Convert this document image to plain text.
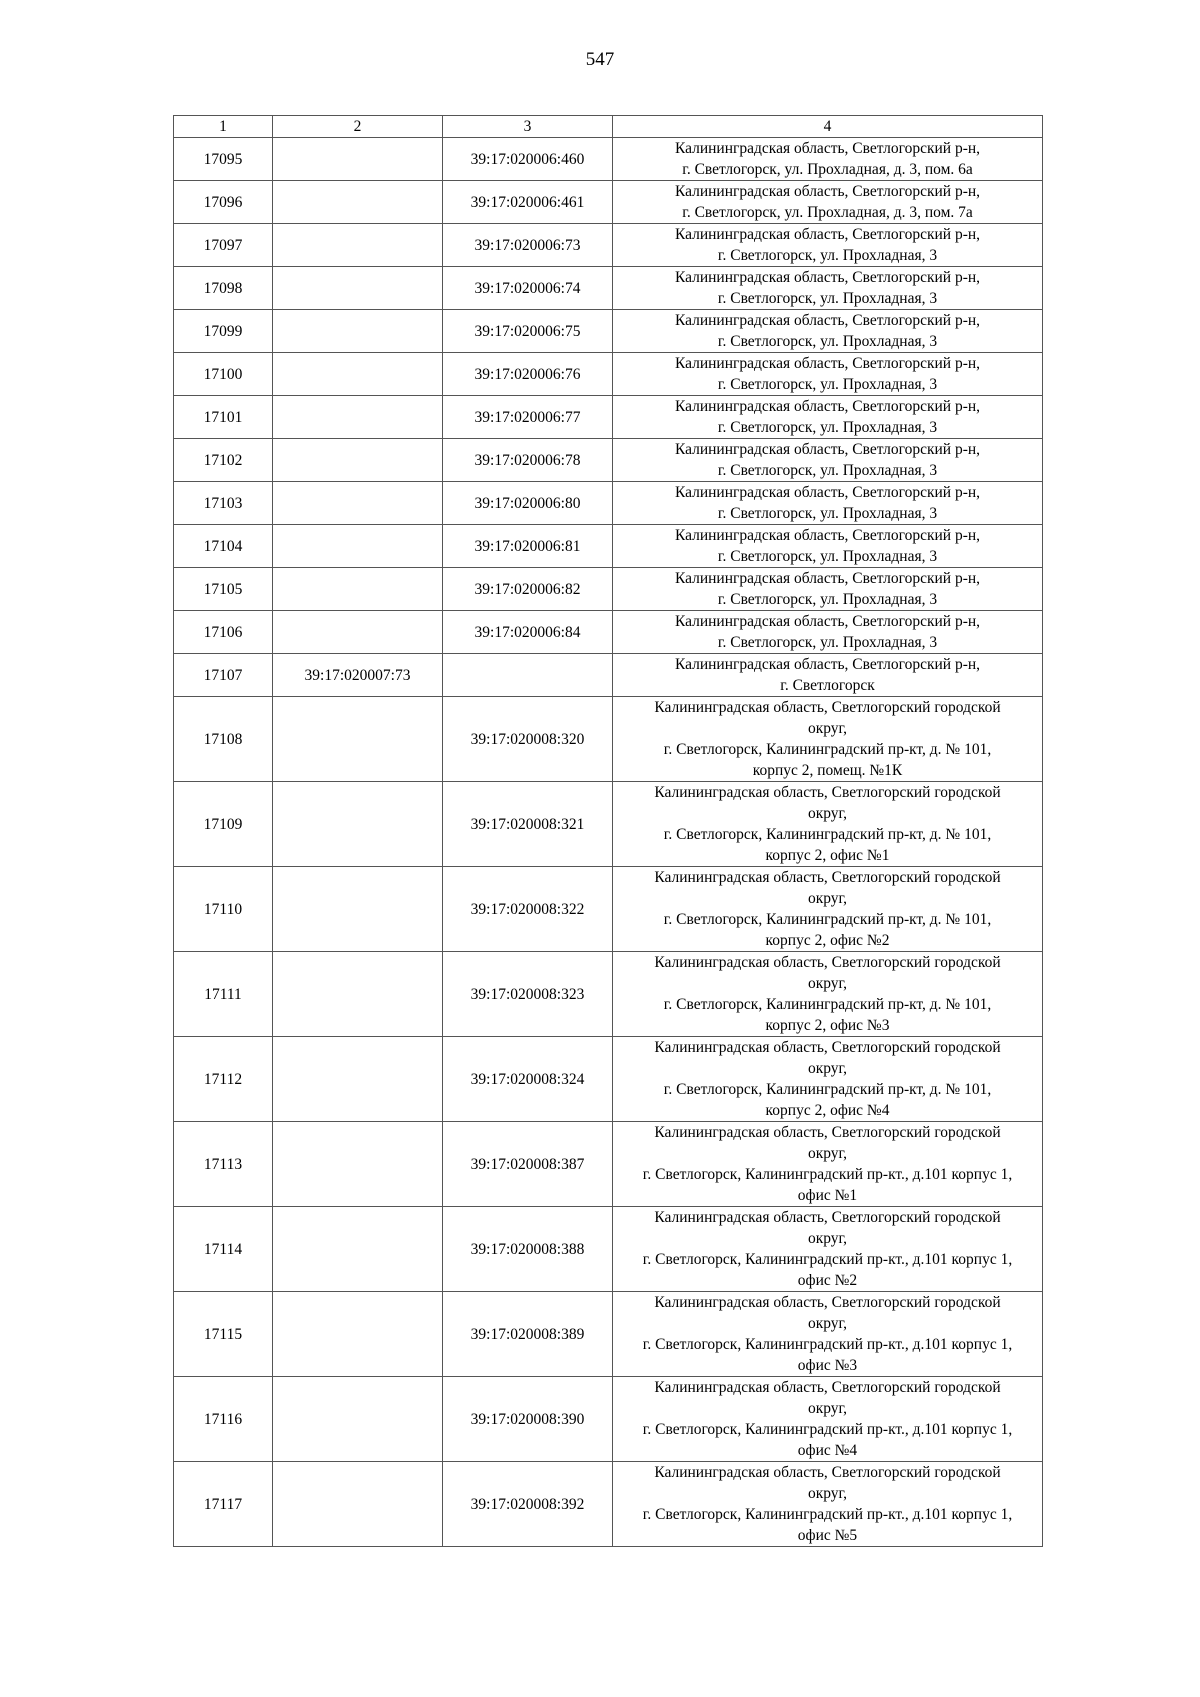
547
1	2	3	4
17095		39:17:020006:460	Калининградская область, Светлогорский р-н,
г. Светлогорск, ул. Прохладная, д. 3, пом. 6а

17096		39:17:020006:461	Калининградская область, Светлогорский р-н,
г. Светлогорск, ул. Прохладная, д. 3, пом. 7а

17097		39:17:020006:73	Калининградская область, Светлогорский р-н,
г. Светлогорск, ул. Прохладная, 3

17098		39:17:020006:74	Калининградская область, Светлогорский р-н,
г. Светлогорск, ул. Прохладная, 3

17099		39:17:020006:75	Калининградская область, Светлогорский р-н,
г. Светлогорск, ул. Прохладная, 3

17100		39:17:020006:76	Калининградская область, Светлогорский р-н,
г. Светлогорск, ул. Прохладная, 3

17101		39:17:020006:77	Калининградская область, Светлогорский р-н,
г. Светлогорск, ул. Прохладная, 3

17102		39:17:020006:78	Калининградская область, Светлогорский р-н,
г. Светлогорск, ул. Прохладная, 3

17103		39:17:020006:80	Калининградская область, Светлогорский р-н,
г. Светлогорск, ул. Прохладная, 3

17104		39:17:020006:81	Калининградская область, Светлогорский р-н,
г. Светлогорск, ул. Прохладная, 3

17105		39:17:020006:82	Калининградская область, Светлогорский р-н,
г. Светлогорск, ул. Прохладная, 3

17106		39:17:020006:84	Калининградская область, Светлогорский р-н,
г. Светлогорск, ул. Прохладная, 3

17107	39:17:020007:73		Калининградская область, Светлогорский р-н,
г. Светлогорск

17108		39:17:020008:320	Калининградская область, Светлогорский городской
округ,
г. Светлогорск, Калининградский пр-кт, д. № 101,
корпус 2, помещ. №1К

17109		39:17:020008:321	Калининградская область, Светлогорский городской
округ,
г. Светлогорск, Калининградский пр-кт, д. № 101,
корпус 2, офис №1

17110		39:17:020008:322	Калининградская область, Светлогорский городской
округ,
г. Светлогорск, Калининградский пр-кт, д. № 101,
корпус 2, офис №2

17111		39:17:020008:323	Калининградская область, Светлогорский городской
округ,
г. Светлогорск, Калининградский пр-кт, д. № 101,
корпус 2, офис №3

17112		39:17:020008:324	Калининградская область, Светлогорский городской
округ,
г. Светлогорск, Калининградский пр-кт, д. № 101,
корпус 2, офис №4

17113		39:17:020008:387	Калининградская область, Светлогорский городской
округ,
г. Светлогорск, Калининградский пр-кт., д.101 корпус 1,
офис №1

17114		39:17:020008:388	Калининградская область, Светлогорский городской
округ,
г. Светлогорск, Калининградский пр-кт., д.101 корпус 1,
офис №2

17115		39:17:020008:389	Калининградская область, Светлогорский городской
округ,
г. Светлогорск, Калининградский пр-кт., д.101 корпус 1,
офис №3

17116		39:17:020008:390	Калининградская область, Светлогорский городской
округ,
г. Светлогорск, Калининградский пр-кт., д.101 корпус 1,
офис №4

17117		39:17:020008:392	Калининградская область, Светлогорский городской
округ,
г. Светлогорск, Калининградский пр-кт., д.101 корпус 1,
офис №5
